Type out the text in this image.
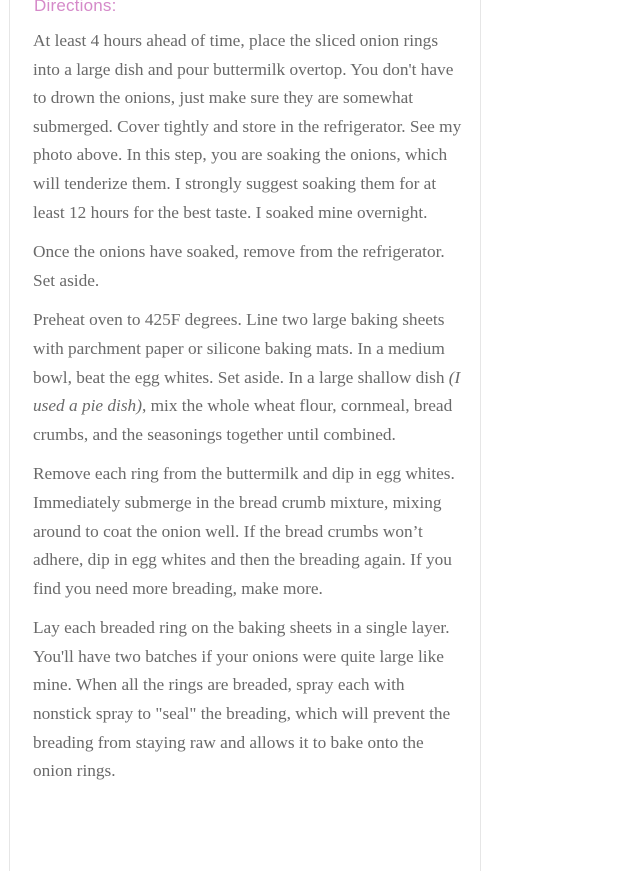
Directions:

At least 4 hours ahead of time, place the sliced onion rings into a large dish and pour buttermilk overtop. You don't have to drown the onions, just make sure they are somewhat submerged. Cover tightly and store in the refrigerator. See my photo above. In this step, you are soaking the onions, which will tenderize them. I strongly suggest soaking them for at least 12 hours for the best taste. I soaked mine overnight.

Once the onions have soaked, remove from the refrigerator. Set aside.

Preheat oven to 425F degrees. Line two large baking sheets with parchment paper or silicone baking mats. In a medium bowl, beat the egg whites. Set aside. In a large shallow dish (I used a pie dish), mix the whole wheat flour, cornmeal, bread crumbs, and the seasonings together until combined.

Remove each ring from the buttermilk and dip in egg whites. Immediately submerge in the bread crumb mixture, mixing around to coat the onion well. If the bread crumbs won’t adhere, dip in egg whites and then the breading again. If you find you need more breading, make more.

Lay each breaded ring on the baking sheets in a single layer. You'll have two batches if your onions were quite large like mine. When all the rings are breaded, spray each with nonstick spray to "seal" the breading, which will prevent the breading from staying raw and allows it to bake onto the onion rings.
